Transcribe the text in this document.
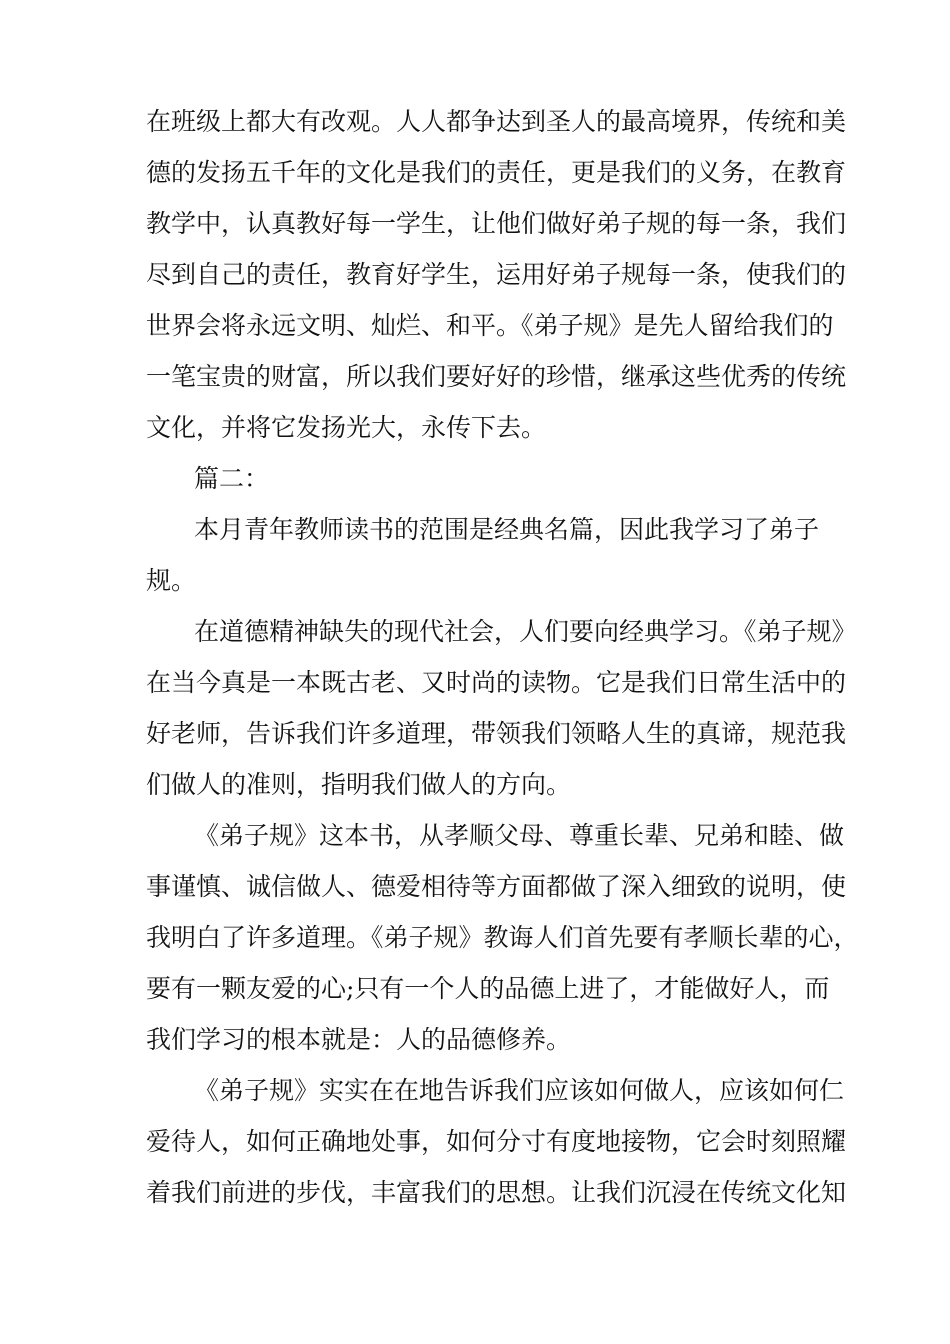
在班级上都大有改观。人人都争达到圣人的最高境界，传统和美
德的发扬五千年的文化是我们的责任，更是我们的义务，在教育
教学中，认真教好每一学生，让他们做好弟子规的每一条，我们
尽到自己的责任，教育好学生，运用好弟子规每一条，使我们的
世界会将永远文明、灿烂、和平。《弟子规》是先人留给我们的
一笔宝贵的财富，所以我们要好好的珍惜，继承这些优秀的传统
文化，并将它发扬光大，永传下去。
篇二：
本月青年教师读书的范围是经典名篇，因此我学习了弟子
规。
在道德精神缺失的现代社会，人们要向经典学习。《弟子规》
在当今真是一本既古老、又时尚的读物。它是我们日常生活中的
好老师，告诉我们许多道理，带领我们领略人生的真谛，规范我
们做人的准则，指明我们做人的方向。
《弟子规》这本书，从孝顺父母、尊重长辈、兄弟和睦、做
事谨慎、诚信做人、德爱相待等方面都做了深入细致的说明，使
我明白了许多道理。《弟子规》教诲人们首先要有孝顺长辈的心，
要有一颗友爱的心;只有一个人的品德上进了，才能做好人，而
我们学习的根本就是：人的品德修养。
《弟子规》实实在在地告诉我们应该如何做人，应该如何仁
爱待人，如何正确地处事，如何分寸有度地接物，它会时刻照耀
着我们前进的步伐，丰富我们的思想。让我们沉浸在传统文化知
